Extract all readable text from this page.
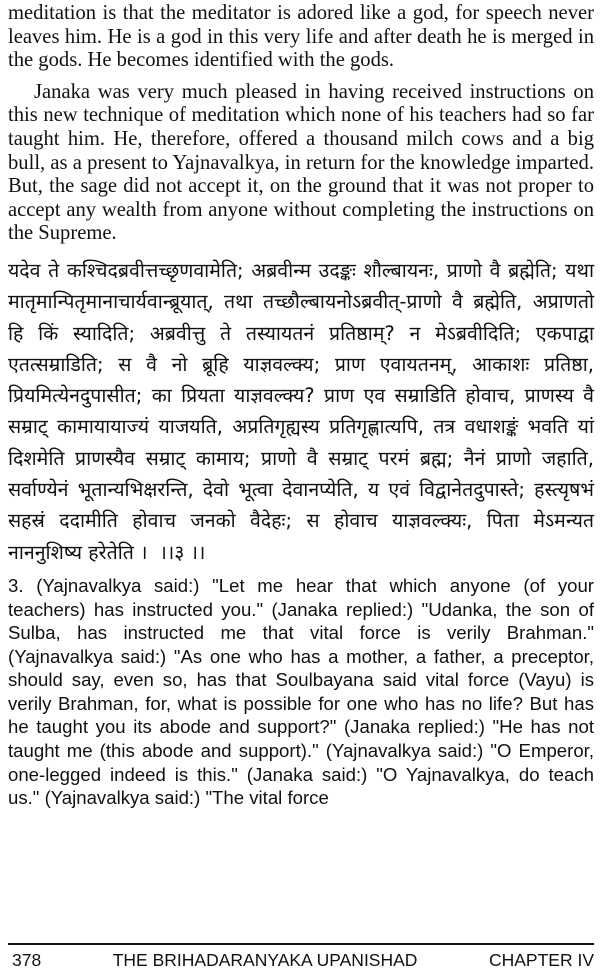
meditation is that the meditator is adored like a god, for speech never leaves him. He is a god in this very life and after death he is merged in the gods. He becomes identified with the gods.

Janaka was very much pleased in having received instructions on this new technique of meditation which none of his teachers had so far taught him. He, therefore, offered a thousand milch cows and a big bull, as a present to Yajnavalkya, in return for the knowledge imparted. But, the sage did not accept it, on the ground that it was not proper to accept any wealth from anyone without completing the instructions on the Supreme.

यदेव ते कश्चिदब्रवीत्तच्छृणवामेति; अब्रवीन्म उदङ्कः शौल्बायनः, प्राणो वै ब्रह्मेति; यथा मातृमान्पितृमानाचार्यवान्ब्रूयात्, तथा तच्छौल्बायनोऽब्रवीत्-प्राणो वै ब्रह्मेति, अप्राणतो हि किं स्यादिति; अब्रवीत्तु ते तस्यायतनं प्रतिष्ठाम्? न मेऽब्रवीदिति; एकपाद्वा एतत्सम्राडिति; स वै नो ब्रूहि याज्ञवल्क्य; प्राण एवायतनम्, आकाशः प्रतिष्ठा, प्रियमित्येनदुपासीत; का प्रियता याज्ञवल्क्य? प्राण एव सम्राडिति होवाच, प्राणस्य वै सम्राट् कामायायाज्यं याजयति, अप्रतिगृह्यस्य प्रतिगृह्णात्यपि, तत्र वधाशङ्कं भवति यां दिशमेति प्राणस्यैव सम्राट् कामाय; प्राणो वै सम्राट् परमं ब्रह्म; नैनं प्राणो जहाति, सर्वाण्येनं भूतान्यभिक्षरन्ति, देवो भूत्वा देवानप्येति, य एवं विद्वानेतदुपास्ते; हस्त्यृषभं सहस्रं ददामीति होवाच जनको वैदेहः; स होवाच याज्ञवल्क्यः, पिता मेऽमन्यत नाननुशिष्य हरेतेति । ।।३ ।।

3. (Yajnavalkya said:) "Let me hear that which anyone (of your teachers) has instructed you." (Janaka replied:) "Udanka, the son of Sulba, has instructed me that vital force is verily Brahman." (Yajnavalkya said:) "As one who has a mother, a father, a preceptor, should say, even so, has that Soulbayana said vital force (Vayu) is verily Brahman, for, what is possible for one who has no life? But has he taught you its abode and support?" (Janaka replied:) "He has not taught me (this abode and support)." (Yajnavalkya said:) "O Emperor, one-legged indeed is this." (Janaka said:) "O Yajnavalkya, do teach us." (Yajnavalkya said:) "The vital force

378	THE BRIHADARANYAKA UPANISHAD	CHAPTER IV
